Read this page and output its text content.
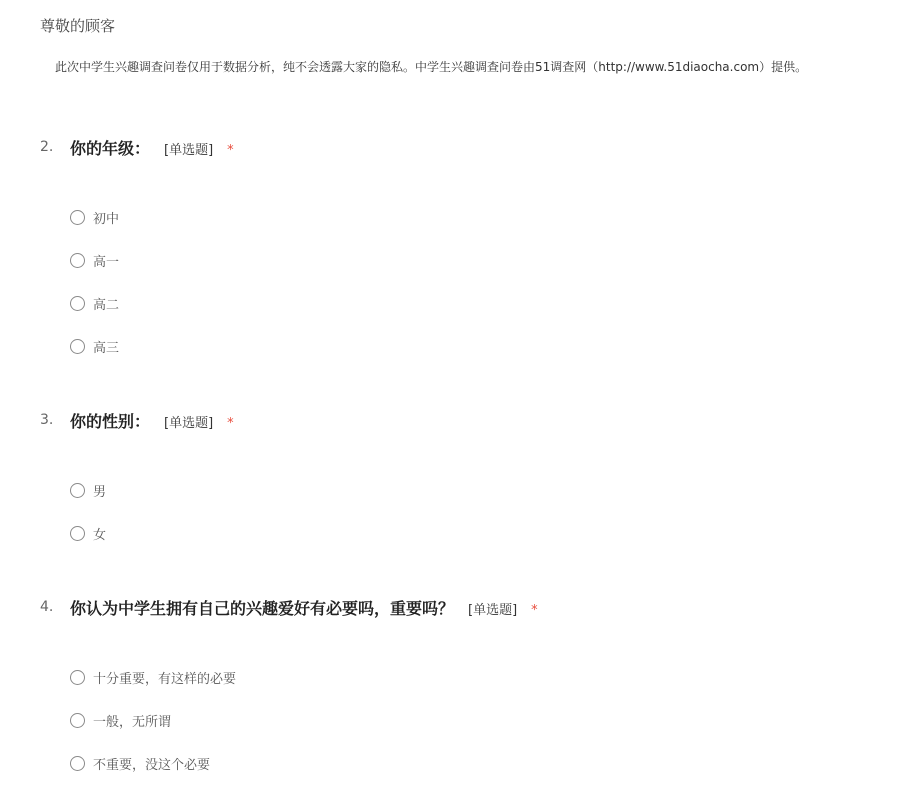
尊敬的顾客
此次中学生兴趣调查问卷仅用于数据分析，纯不会透露大家的隐私。中学生兴趣调查问卷由51调查网（http://www.51diaocha.com）提供。
2. 你的年级： [单选题] *
初中
高一
高二
高三
3. 你的性别： [单选题] *
男
女
4. 你认为中学生拥有自己的兴趣爱好有必要吗，重要吗？ [单选题] *
十分重要，有这样的必要
一般，无所谓
不重要，没这个必要
